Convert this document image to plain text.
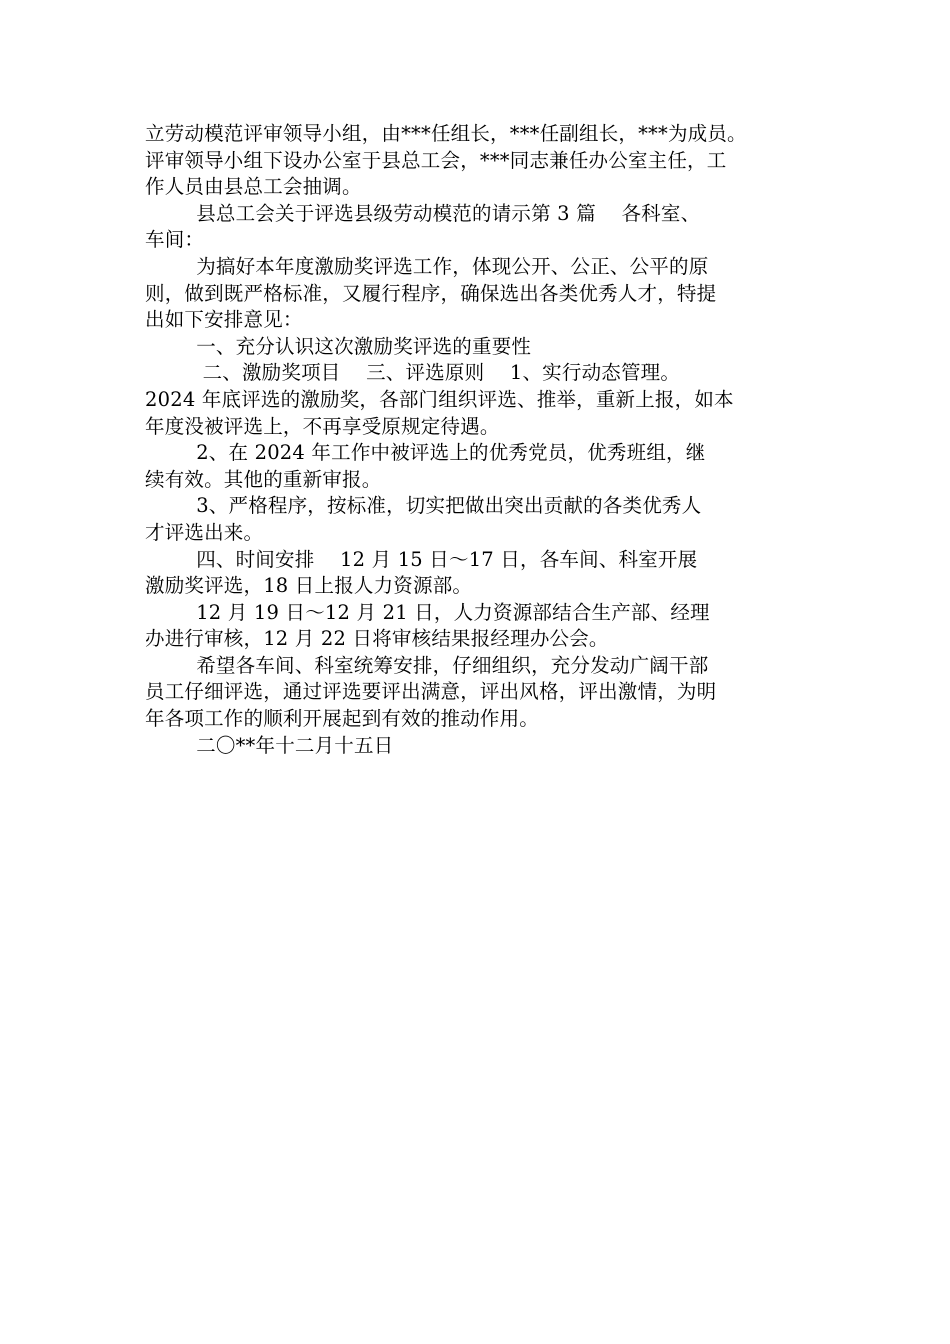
立劳动模范评审领导小组，由***任组长，***任副组长，***为成员。
评审领导小组下设办公室于县总工会，***同志兼任办公室主任，工
作人员由县总工会抽调。
县总工会关于评选县级劳动模范的请示第 3 篇    各科室、
车间：
为搞好本年度激励奖评选工作，体现公开、公正、公平的原
则，做到既严格标准，又履行程序，确保选出各类优秀人才，特提
出如下安排意见：
一、充分认识这次激励奖评选的重要性
二、激励奖项目    三、评选原则    1、实行动态管理。
2024 年底评选的激励奖，各部门组织评选、推举，重新上报，如本
年度没被评选上，不再享受原规定待遇。
2、在 2024 年工作中被评选上的优秀党员，优秀班组，继
续有效。其他的重新审报。
3、严格程序，按标准，切实把做出突出贡献的各类优秀人
才评选出来。
四、时间安排    12 月 15 日～17 日，各车间、科室开展
激励奖评选，18 日上报人力资源部。
12 月 19 日～12 月 21 日，人力资源部结合生产部、经理
办进行审核，12 月 22 日将审核结果报经理办公会。
希望各车间、科室统筹安排，仔细组织，充分发动广阔干部
员工仔细评选，通过评选要评出满意，评出风格，评出激情，为明
年各项工作的顺利开展起到有效的推动作用。
二〇**年十二月十五日
